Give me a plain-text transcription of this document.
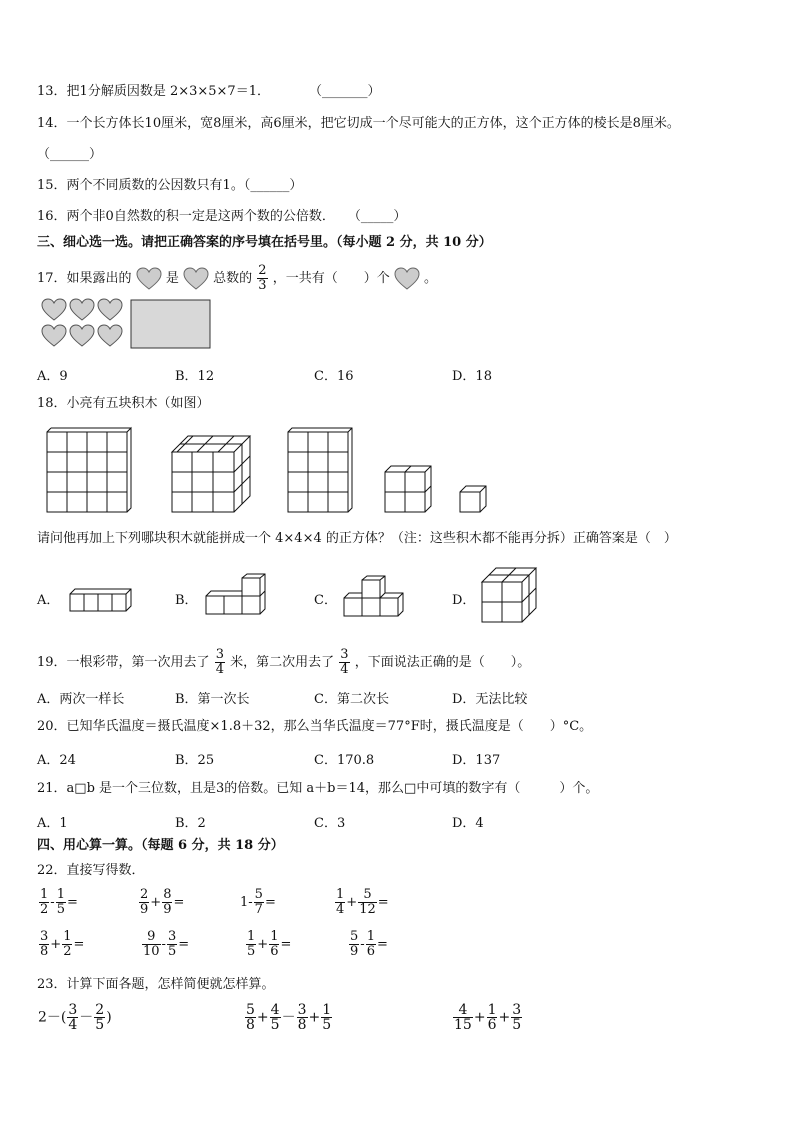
13．把1分解质因数是 2×3×5×7＝1．　　　　（_______）
14．一个长方体长10厘米，宽8厘米，高6厘米，把它切成一个尽可能大的正方体，这个正方体的棱长是8厘米。
（______）
15．两个不同质数的公因数只有1。（______）
16．两个非0自然数的积一定是这两个数的公倍数．　　（_____）
三、细心选一选。请把正确答案的序号填在括号里。（每小题 2 分，共 10 分）
17．如果露出的	是	总数的 $\frac{2}{3}$ ，一共有（　　）个	。
A．9	B．12	C．16	D．18
18．小亮有五块积木（如图）
请问他再加上下列哪块积木就能拼成一个 4×4×4 的正方体？（注：这些积木都不能再分拆）正确答案是（　）
A．	B．	C．	D．
19．一根彩带，第一次用去了 $\frac{3}{4}$ 米，第二次用去了 $\frac{3}{4}$ ，下面说法正确的是（　　）。
A．两次一样长	B．第一次长	C．第二次长	D．无法比较
20．已知华氏温度＝摄氏温度×1.8＋32，那么当华氏温度＝77°F时，摄氏温度是（　　）°C。
A．24	B．25	C．170.8	D．137
21．a□b 是一个三位数，且是3的倍数。已知 a＋b＝14，那么□中可填的数字有（　　　）个。
A．1	B．2	C．3	D．4
四、用心算一算。（每题 6 分，共 18 分）
22．直接写得数．
$\frac{1}{2} - \frac{1}{5}$ =	$\frac{2}{9} + \frac{8}{9}$ =	$1- \frac{5}{7}$ =	$\frac{1}{4} + \frac{5}{12}$ =
$\frac{3}{8} + \frac{1}{2}$ =	$\frac{9}{10} - \frac{3}{5}$ =	$\frac{1}{5} + \frac{1}{6}$ =	$\frac{5}{9} - \frac{1}{6}$ =
23．计算下面各题，怎样简便就怎样算。
$2-( \frac{3}{4} - \frac{2}{5}$ )	$\frac{5}{8} + \frac{4}{5} - \frac{3}{8} + \frac{1}{5}$	$\frac{4}{15} + \frac{1}{6} + \frac{3}{5}$
